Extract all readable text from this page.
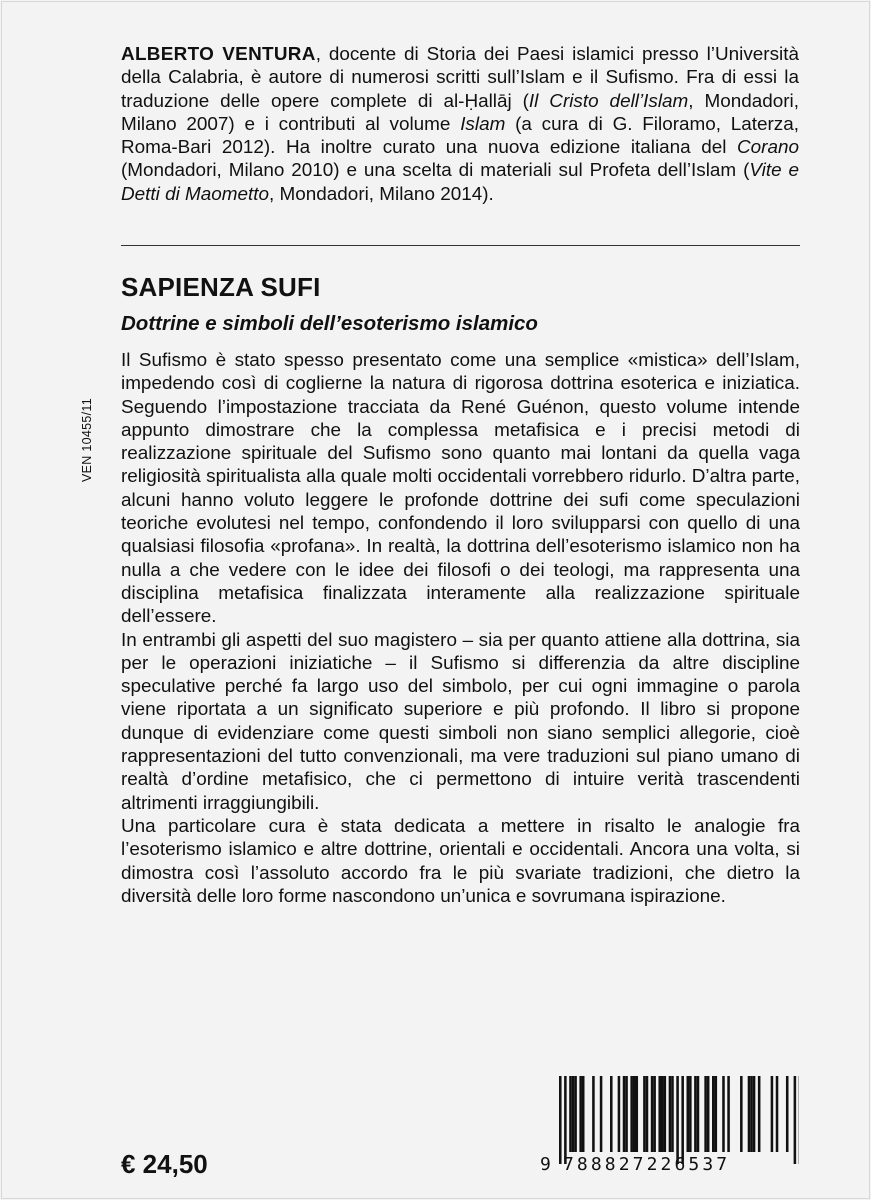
ALBERTO VENTURA, docente di Storia dei Paesi islamici presso l’Università della Calabria, è autore di numerosi scritti sull’Islam e il Sufismo. Fra di essi la traduzione delle opere complete di al-Ḥallāj (Il Cristo dell’Islam, Mondadori, Milano 2007) e i contributi al volume Islam (a cura di G. Filoramo, Laterza, Roma-Bari 2012). Ha inoltre curato una nuova edizione italiana del Corano (Mondadori, Milano 2010) e una scelta di materiali sul Profeta dell’Islam (Vite e Detti di Maometto, Mondadori, Milano 2014).
SAPIENZA SUFI
Dottrine e simboli dell’esoterismo islamico
VEN 10455/11

Il Sufismo è stato spesso presentato come una semplice «mistica» dell’Islam, impedendo così di coglierne la natura di rigorosa dottrina esoterica e iniziatica. Seguendo l’impostazione tracciata da René Guénon, questo volume intende appunto dimostrare che la complessa metafisica e i precisi metodi di realizzazione spirituale del Sufismo sono quanto mai lontani da quella vaga religiosità spiritualista alla quale molti occidentali vorrebbero ridurlo. D’altra parte, alcuni hanno voluto leggere le profonde dottrine dei sufi come speculazioni teoriche evolutesi nel tempo, confondendo il loro svilupparsi con quello di una qualsiasi filosofia «profana». In realtà, la dottrina dell’esoterismo islamico non ha nulla a che vedere con le idee dei filosofi o dei teologi, ma rappresenta una disciplina metafisica finalizzata interamente alla realizzazione spirituale dell’essere.

In entrambi gli aspetti del suo magistero – sia per quanto attiene alla dottrina, sia per le operazioni iniziatiche – il Sufismo si differenzia da altre discipline speculative perché fa largo uso del simbolo, per cui ogni immagine o parola viene riportata a un significato superiore e più profondo. Il libro si propone dunque di evidenziare come questi simboli non siano semplici allegorie, cioè rappresentazioni del tutto convenzionali, ma vere traduzioni sul piano umano di realtà d’ordine metafisico, che ci permettono di intuire verità trascendenti altrimenti irraggiungibili.

Una particolare cura è stata dedicata a mettere in risalto le analogie fra l’esoterismo islamico e altre dottrine, orientali e occidentali. Ancora una volta, si dimostra così l’assoluto accordo fra le più svariate tradizioni, che dietro la diversità delle loro forme nascondono un’unica e sovrumana ispirazione.

€ 24,50	9 788827226537
